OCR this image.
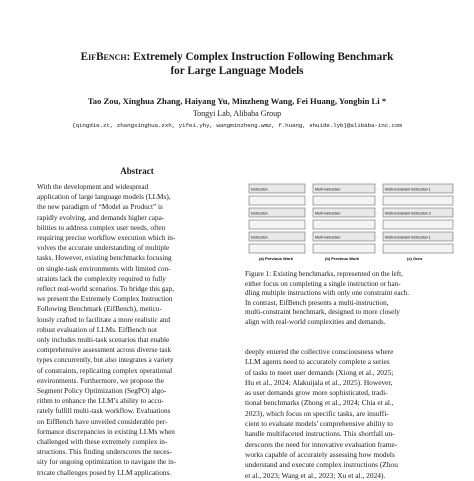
EifBench: Extremely Complex Instruction Following Benchmark
for Large Language Models
Tao Zou, Xinghua Zhang, Haiyang Yu, Minzheng Wang, Fei Huang, Yongbin Li *
Tongyi Lab, Alibaba Group
{qingdie.zt, zhangxinghua.zxh, yifei.yhy, wangminzheng.wmz, f.huang, shuide.lyb}@alibaba-inc.com
Abstract
With the development and widespread
application of large language models (LLMs),
the new paradigm of “Model as Product” is
rapidly evolving, and demands higher capa-
bilities to address complex user needs, often
requiring precise workflow execution which in-
volves the accurate understanding of multiple
tasks. However, existing benchmarks focusing
on single-task environments with limited con-
straints lack the complexity required to fully
reflect real-world scenarios. To bridge this gap,
we present the Extremely Complex Instruction
Following Benchmark (EifBench), meticu-
lously crafted to facilitate a more realistic and
robust evaluation of LLMs. EifBench not
only includes multi-task scenarios that enable
comprehensive assessment across diverse task
types concurrently, but also integrates a variety
of constraints, replicating complex operational
environments. Furthermore, we propose the
Segment Policy Optimization (SegPO) algo-
rithm to enhance the LLM’s ability to accu-
rately fulfill multi-task workflow. Evaluations
on EifBench have unveiled considerable per-
formance discrepancies in existing LLMs when
challenged with these extremely complex in-
structions. This finding underscores the neces-
sity for ongoing optimization to navigate the in-
tricate challenges posed by LLM applications.
Instruction
Instruction
Instruction
Multi-Instruction
Multi-Instruction
Multi-Instruction
Multi-Constraint Instruction 1
Multi-Constraint Instruction 2
Multi-Constraint Instruction 1
(a) Previous Work	(b) Previous Work	(c) Ours
Figure 1: Existing benchmarks, represented on the left,
either focus on completing a single instruction or han-
dling multiple instructions with only one constraint each.
In contrast, EifBench presents a multi-instruction,
multi-constraint benchmark, designed to more closely
align with real-world complexities and demands.
deeply entered the collective consciousness where
LLM agents need to accurately complete a series
of tasks to meet user demands (Xiong et al., 2025;
Hu et al., 2024; Alakuijala et al., 2025). However,
as user demands grow more sophisticated, tradi-
tional benchmarks (Zhong et al., 2024; Chia et al.,
2023), which focus on specific tasks, are insuffi-
cient to evaluate models' comprehensive ability to
handle multifaceted instructions. This shortfall un-
derscores the need for innovative evaluation frame-
works capable of accurately assessing how models
understand and execute complex instructions (Zhou
et al., 2023; Wang et al., 2023; Xu et al., 2024).
